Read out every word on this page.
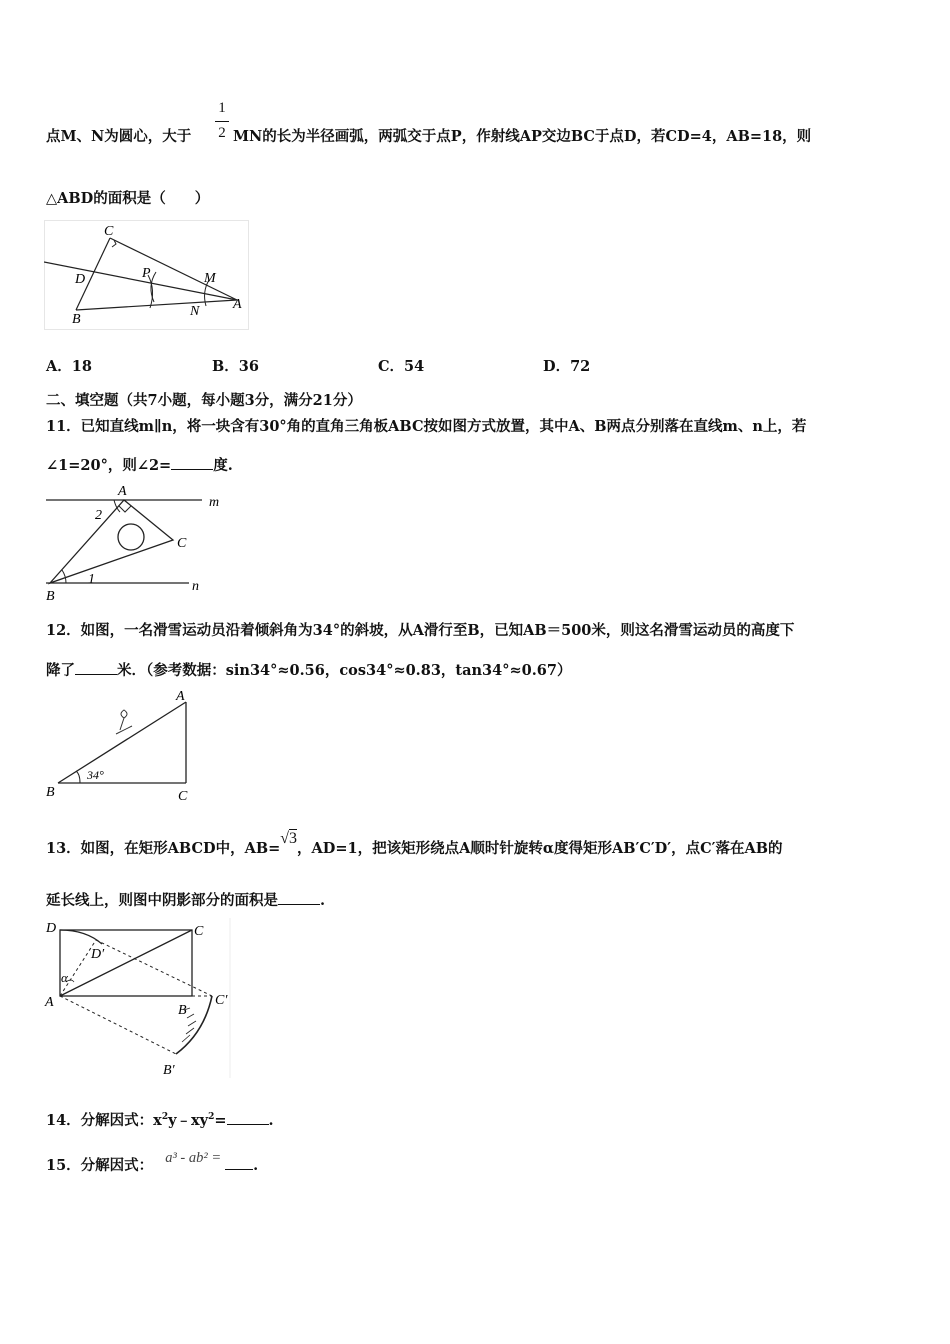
1
2
点M、N为圆心，大于	MN的长为半径画弧，两弧交于点P，作射线AP交边BC于点D，若CD=4，AB=18，则
△ABD的面积是（　　）
C
D	P	M
A
B
N
A．18	B．36	C．54	D．72
二、填空题（共7小题，每小题3分，满分21分）
11．已知直线m∥n，将一块含有30°角的直角三角板ABC按如图方式放置，其中A、B两点分别落在直线m、n上，若
∠1=20°，则∠2=	度.
A
m
2
C
1	n
B
12．如图，一名滑雪运动员沿着倾斜角为34°的斜坡，从A滑行至B，已知AB＝500米，则这名滑雪运动员的高度下
降了	米．（参考数据：sin34°≈0.56，cos34°≈0.83，tan34°≈0.67）
A
B	C
34°
13．如图，在矩形ABCD中，AB=√3，AD=1，把该矩形绕点A顺时针旋转α度得矩形AB′C′D′，点C′落在AB的
延长线上，则图中阴影部分的面积是	.
D	C
D′
α
A
B
C′
B′
14．分解因式：$x^2y﹣xy^2=$	.
15．分解因式： a³ - ab² = .
